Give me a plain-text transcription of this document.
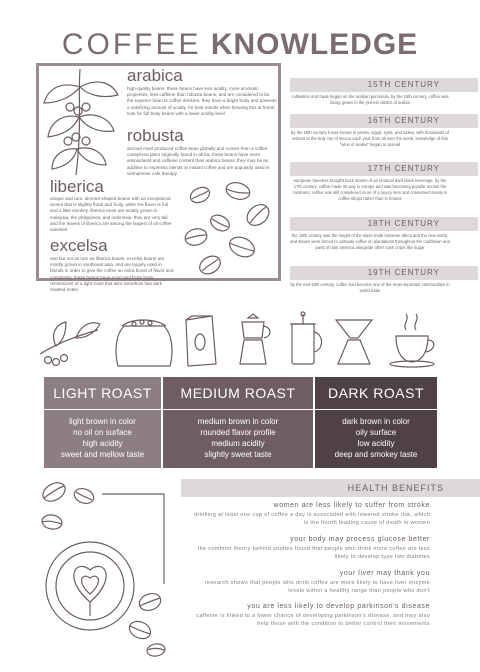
COFFEE KNOWLEDGE
arabica
high-quality beans. these beans have less acidity, more aromatic properties, less caffeine than robusta beans, and are considered to be the superior bean to coffee drinkers. they have a bright body and possess a satisfying amount of acidity. for best results when brewing this at home, look for full body beans with a lower acidity level
robusta
second most produced coffee bean globally and comes from a coffee canephora plant originally found in africa. these beans have more antioxidants and caffeine content than arabica beans. they may be an additive to espresso blends or instant coffee and are popularly used in vietnamese cafe therapy
liberica
unique and rare, almond-shaped beans with an exceptional aroma that is slightly floral and fruity, while the flavor is full and a little smokey. liberica trees are mostly grown in malaysia, the philippines, and indonesia. they are very tall and the leaves of liberica are among the largest of all coffee varieties
excelsa
one but not as rare as liberica beans. excelsa beans are mostly grown in southeast asia, and are largely used in blends in order to give the coffee an extra boost of flavor and complexity. these beans have a tart and fruity body reminiscent of a light roast that also somehow has dark roasted notes
15TH CENTURY
cultivation and trade began on the arabian peninsula. by the 15th century, coffee was being grown in the yemeni district of arabia
16TH CENTURY
by the 16th century it was known in persia, egypt, syria, and turkey. with thousands of visitors to the holy city of mecca each year from all over the world, knowledge of this "wine of arabia" began to spread
17TH CENTURY
european travelers brought back stories of an unusual dark black beverage. by the 17th century, coffee made its way to europe and was becoming popular across the continent. coffee was still considered more of a luxury item and consumed mainly in coffee shops rather than in homes
18TH CENTURY
the 18th century was the height of the slave trade between africa and the new world, and slaves were forced to cultivate coffee on plantations throughout the caribbean and parts of latin america alongside other cash crops like sugar
19TH CENTURY
by the mid-19th century, coffee had become one of the most important commodities in world trade
LIGHT ROAST	MEDIUM ROAST	DARK ROAST
light brown in color
no oil on surface
high acidity
sweet and mellow taste
medium brown in color
rounded flavor profile
medium acidity
slightly sweet taste
dark brown in color
oily surface
low acidity
deep and smokey taste
HEALTH BENEFITS
women are less likely to suffer from stroke
drinking at least one cup of coffee a day is associated with lowered stroke risk, which is the fourth leading cause of death in women
your body may process glucose better
the common theory behind studies found that people who drink more coffee are less likely to develop type two diabetes
your liver may thank you
research shows that people who drink coffee are more likely to have liver enzyme levels within a healthy range than people who don't
you are less likely to develop parkinson's disease
caffeine is linked to a lower chance of developing parkinson's disease, and may also help those with the condition to better control their movements
